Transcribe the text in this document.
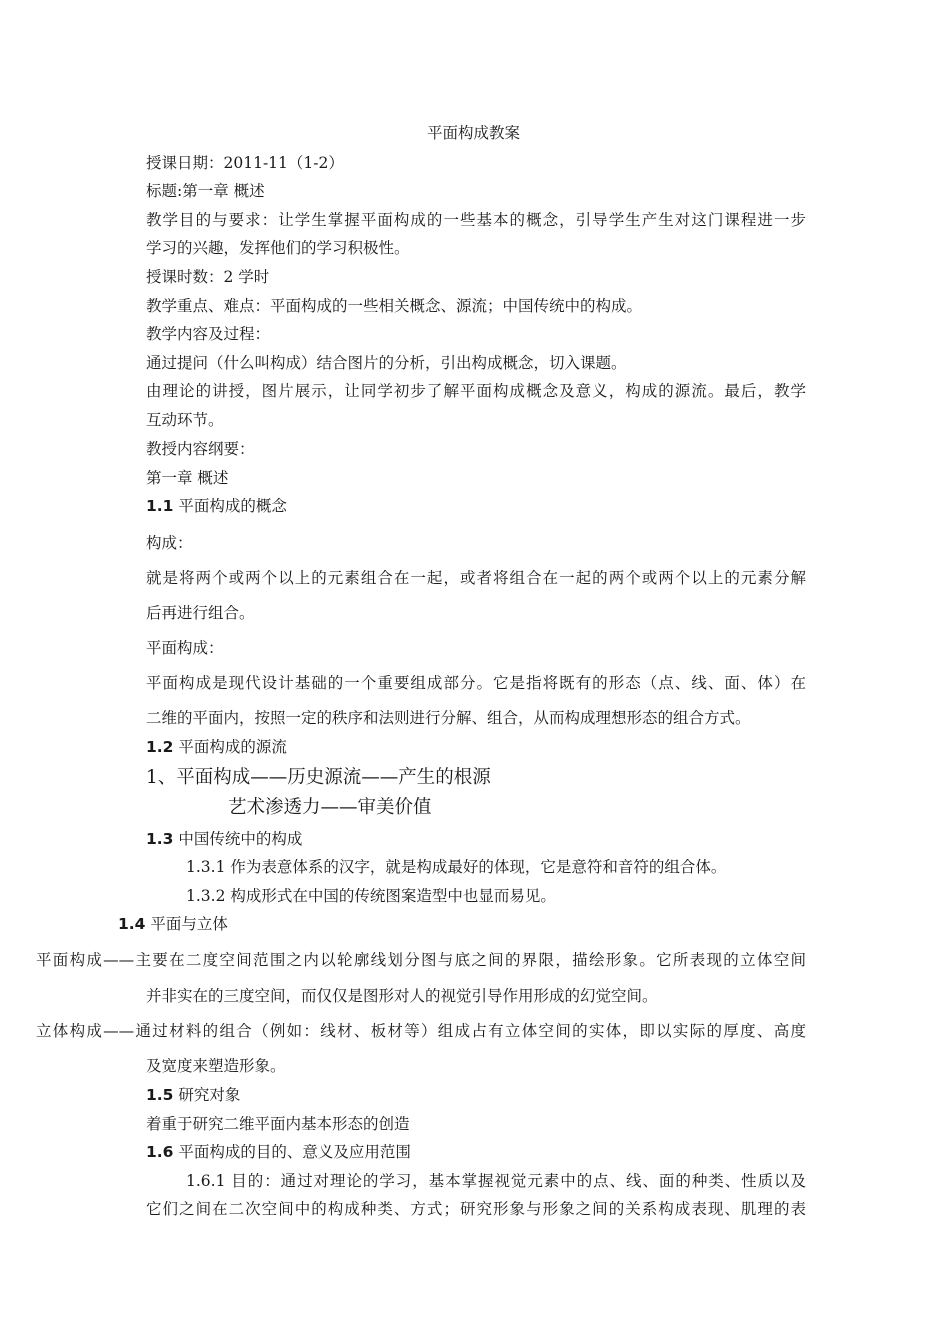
平面构成教案
授课日期：2011-11（1-2）
标题:第一章 概述
教学目的与要求：让学生掌握平面构成的一些基本的概念，引导学生产生对这门课程进一步
学习的兴趣，发挥他们的学习积极性。
授课时数：2 学时
教学重点、难点：平面构成的一些相关概念、源流；中国传统中的构成。
教学内容及过程：
通过提问（什么叫构成）结合图片的分析，引出构成概念，切入课题。
由理论的讲授，图片展示，让同学初步了解平面构成概念及意义，构成的源流。最后，教学
互动环节。
教授内容纲要：
第一章 概述
1.1 平面构成的概念
构成：
就是将两个或两个以上的元素组合在一起，或者将组合在一起的两个或两个以上的元素分解
后再进行组合。
平面构成：
平面构成是现代设计基础的一个重要组成部分。它是指将既有的形态（点、线、面、体）在
二维的平面内，按照一定的秩序和法则进行分解、组合，从而构成理想形态的组合方式。
1.2 平面构成的源流
1、平面构成——历史源流——产生的根源
艺术渗透力——审美价值
1.3 中国传统中的构成
1.3.1 作为表意体系的汉字，就是构成最好的体现，它是意符和音符的组合体。
1.3.2 构成形式在中国的传统图案造型中也显而易见。
1.4 平面与立体
平面构成——主要在二度空间范围之内以轮廓线划分图与底之间的界限，描绘形象。它所表现的立体空间
并非实在的三度空间，而仅仅是图形对人的视觉引导作用形成的幻觉空间。
立体构成——通过材料的组合（例如：线材、板材等）组成占有立体空间的实体，即以实际的厚度、高度
及宽度来塑造形象。
1.5 研究对象
着重于研究二维平面内基本形态的创造
1.6 平面构成的目的、意义及应用范围
1.6.1 目的：通过对理论的学习，基本掌握视觉元素中的点、线、面的种类、性质以及
它们之间在二次空间中的构成种类、方式；研究形象与形象之间的关系构成表现、肌理的表
